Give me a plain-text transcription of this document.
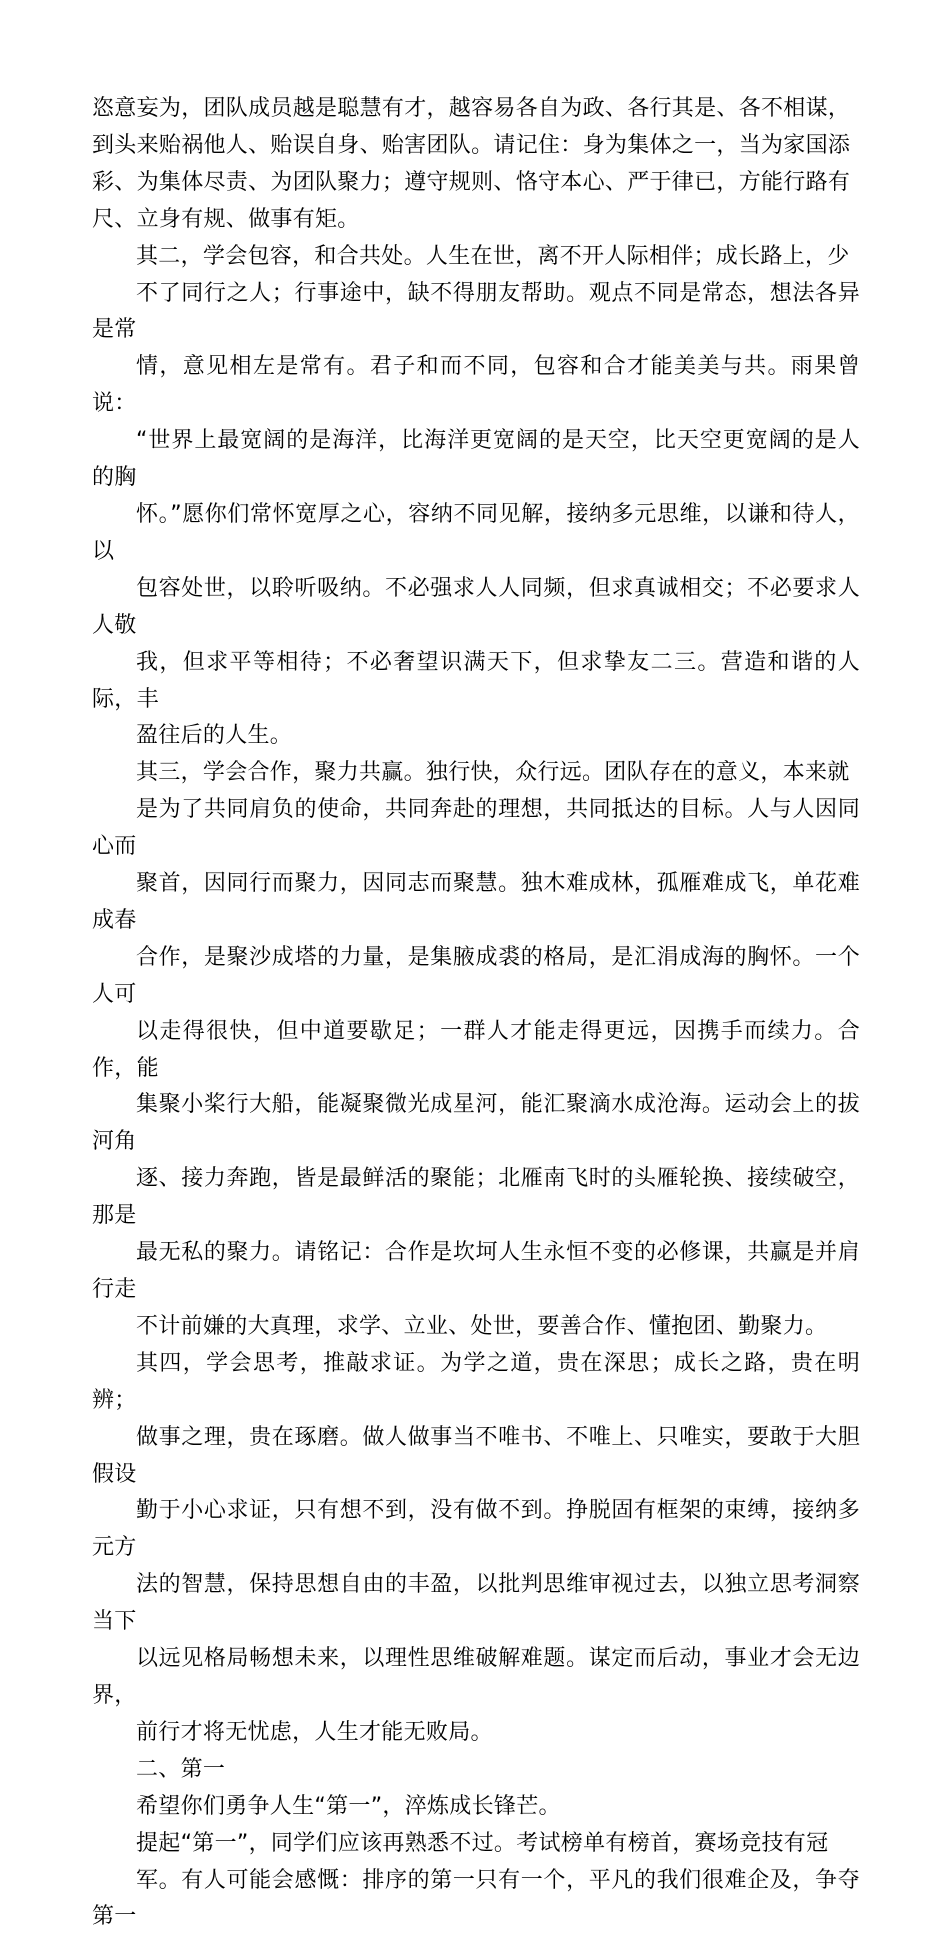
恣意妄为，团队成员越是聪慧有才，越容易各自为政、各行其是、各不相谋，
到头来贻祸他人、贻误自身、贻害团队。请记住：身为集体之一，当为家国添
彩、为集体尽责、为团队聚力；遵守规则、恪守本心、严于律已，方能行路有
尺、立身有规、做事有矩。

其二，学会包容，和合共处。人生在世，离不开人际相伴；成长路上，少
不了同行之人；行事途中，缺不得朋友帮助。观点不同是常态，想法各异是常
情，意见相左是常有。君子和而不同，包容和合才能美美与共。雨果曾说：
“世界上最宽阔的是海洋，比海洋更宽阔的是天空，比天空更宽阔的是人的胸
怀。”愿你们常怀宽厚之心，容纳不同见解，接纳多元思维，以谦和待人，以
包容处世，以聆听吸纳。不必强求人人同频，但求真诚相交；不必要求人人敬
我，但求平等相待；不必奢望识满天下，但求挚友二三。营造和谐的人际，丰
盈往后的人生。

其三，学会合作，聚力共赢。独行快，众行远。团队存在的意义，本来就
是为了共同肩负的使命，共同奔赴的理想，共同抵达的目标。人与人因同心而
聚首，因同行而聚力，因同志而聚慧。独木难成林，孤雁难成飞，单花难成春
合作，是聚沙成塔的力量，是集腋成裘的格局，是汇涓成海的胸怀。一个人可
以走得很快，但中道要歇足；一群人才能走得更远，因携手而续力。合作，能
集聚小桨行大船，能凝聚微光成星河，能汇聚滴水成沧海。运动会上的拔河角
逐、接力奔跑，皆是最鲜活的聚能；北雁南飞时的头雁轮换、接续破空，那是
最无私的聚力。请铭记：合作是坎坷人生永恒不变的必修课，共赢是并肩行走
不计前嫌的大真理，求学、立业、处世，要善合作、懂抱团、勤聚力。

其四，学会思考，推敲求证。为学之道，贵在深思；成长之路，贵在明辨；
做事之理，贵在琢磨。做人做事当不唯书、不唯上、只唯实，要敢于大胆假设
勤于小心求证，只有想不到，没有做不到。挣脱固有框架的束缚，接纳多元方
法的智慧，保持思想自由的丰盈，以批判思维审视过去，以独立思考洞察当下
以远见格局畅想未来，以理性思维破解难题。谋定而后动，事业才会无边界，
前行才将无忧虑，人生才能无败局。

二、第一

希望你们勇争人生“第一”，淬炼成长锋芒。

提起“第一”，同学们应该再熟悉不过。考试榜单有榜首，赛场竞技有冠
军。有人可能会感慨：排序的第一只有一个，平凡的我们很难企及，争夺第一
